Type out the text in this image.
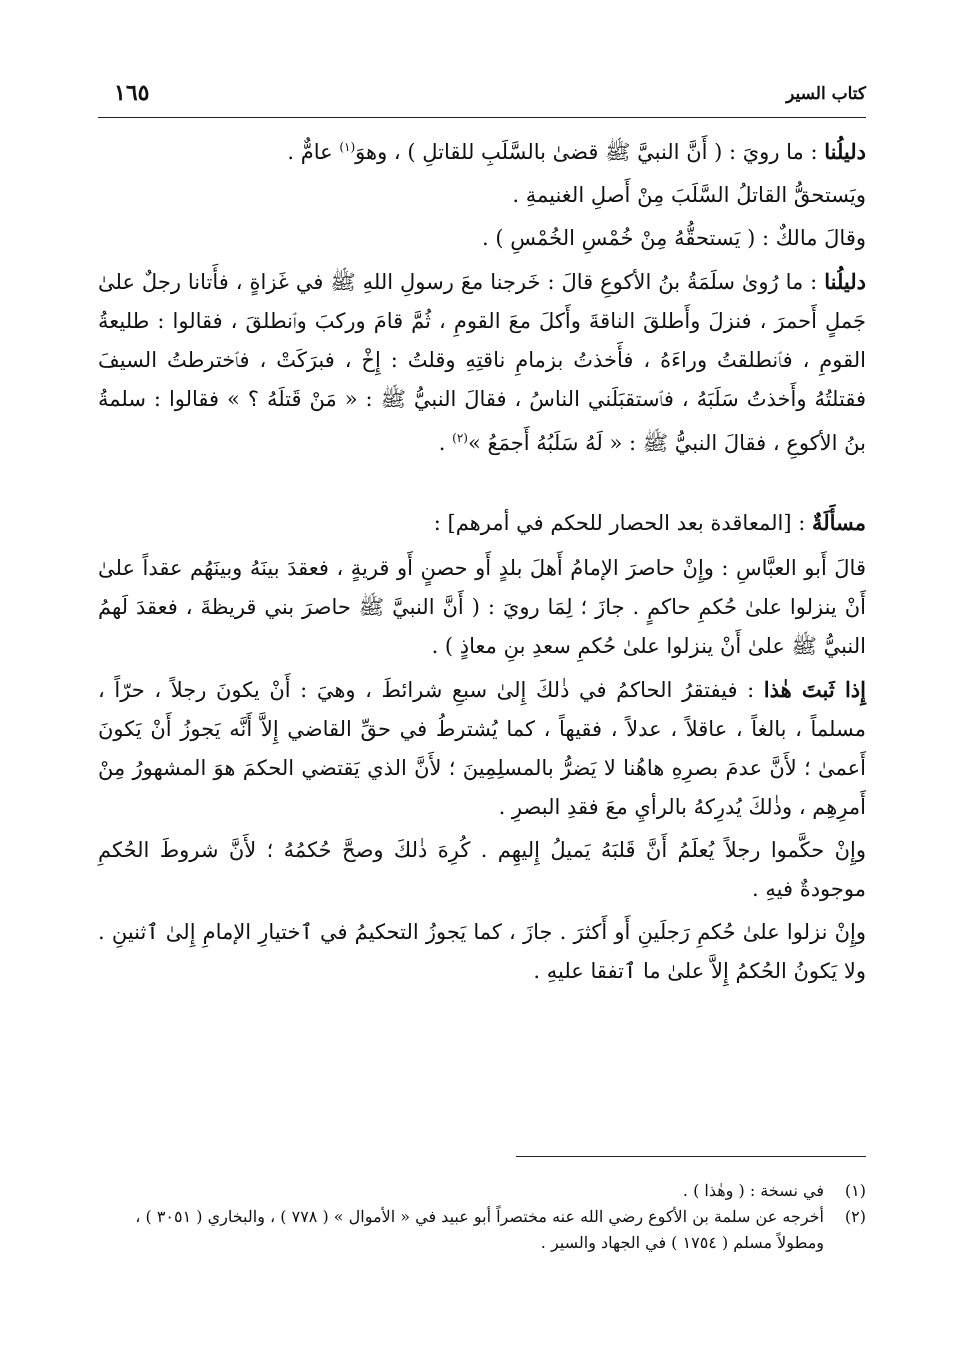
كتاب السير
١٦٥

دليلُنا : ما رويَ : ( أَنَّ النبيَّ ﷺ قضىٰ بالسَّلَبِ للقاتلِ ) ، وهوَ$^{(١)}$ عامٌّ .

ويَستحقُّ القاتلُ السَّلَبَ مِنْ أَصلِ الغنيمةِ .

وقالَ مالكٌ : ( يَستحقُّهُ مِنْ خُمْسِ الخُمْسِ ) .

دليلُنا : ما رُوىٰ سلَمَةُ بنُ الأكوعِ قالَ : خَرجنا معَ رسولِ اللهِ ﷺ في غَزاةٍ ، فأَتانا رجلٌ علىٰ جَملٍ أَحمرَ ، فنزلَ وأَطلقَ الناقةَ وأَكلَ معَ القومِ ، ثُمَّ قامَ وركبَ وٱنطلقَ ، فقالوا : طليعةُ القومِ ، فٱنطلقتُ وراءَهُ ، فأَخذتُ بزمامِ ناقتِهِ وقلتُ : إِخْ ، فبرَكَتْ ، فٱخترطتُ السيفَ فقتلتُهُ وأَخذتُ سَلَبَهُ ، فٱستقبَلَني الناسُ ، فقالَ النبيُّ ﷺ : « مَنْ قَتلَهُ ؟ » فقالوا : سلمةُ بنُ الأكوعِ ، فقالَ النبيُّ ﷺ : « لَهُ سَلَبُهُ أَجمَعُ »$^{(٢)}$ .

مسأَلَةٌ : [المعاقدة بعد الحصار للحكم في أمرهم] :

قالَ أَبو العبَّاسِ : وإِنْ حاصرَ الإمامُ أَهلَ بلدٍ أَو حصنٍ أَو قريةٍ ، فعقدَ بينَهُ وبينَهُم عقداً علىٰ أَنْ ينزلوا علىٰ حُكمِ حاكمٍ . جازَ ؛ لِمَا رويَ : ( أَنَّ النبيَّ ﷺ حاصرَ بني قريظةَ ، فعقدَ لَهمُ النبيُّ ﷺ علىٰ أَنْ ينزلوا علىٰ حُكمِ سعدِ بنِ معاذٍ ) .

إِذا ثَبتَ هٰذا : فيفتقرُ الحاكمُ في ذٰلكَ إِلىٰ سبعِ شرائطَ ، وهيَ : أَنْ يكونَ رجلاً ، حرّاً ، مسلماً ، بالغاً ، عاقلاً ، عدلاً ، فقيهاً ، كما يُشترطُ في حقِّ القاضي إِلاَّ أَنَّه يَجوزُ أَنْ يَكونَ أَعمىٰ ؛ لأَنَّ عدمَ بصرِهِ هاهُنا لا يَضرُّ بالمسلِمِينَ ؛ لأَنَّ الذي يَقتضي الحكمَ هوَ المشهورُ مِنْ أَمرِهِم ، وذٰلكَ يُدرِكهُ بالرأيِ معَ فقدِ البصرِ .

وإِنْ حكَّموا رجلاً يُعلَمُ أَنَّ قَلبَهُ يَميلُ إِليهِم . كُرِهَ ذٰلكَ وصحَّ حُكمُهُ ؛ لأَنَّ شروطَ الحُكمِ موجودةٌ فيهِ .

وإِنْ نزلوا علىٰ حُكمِ رَجلَينِ أَو أَكثرَ . جازَ ، كما يَجوزُ التحكيمُ في ٱختيارِ الإمامِ إِلىٰ ٱثنينِ . ولا يَكونُ الحُكمُ إِلاَّ علىٰ ما ٱتفقا عليهِ .

(١)
في نسخة : ( وهٰذا ) .
(٢)
أخرجه عن سلمة بن الأكوع رضي الله عنه مختصراً أبو عبيد في « الأموال » ( ٧٧٨ ) ، والبخاري ( ٣٠٥١ ) ، ومطولاً مسلم ( ١٧٥٤ ) في الجهاد والسير .
